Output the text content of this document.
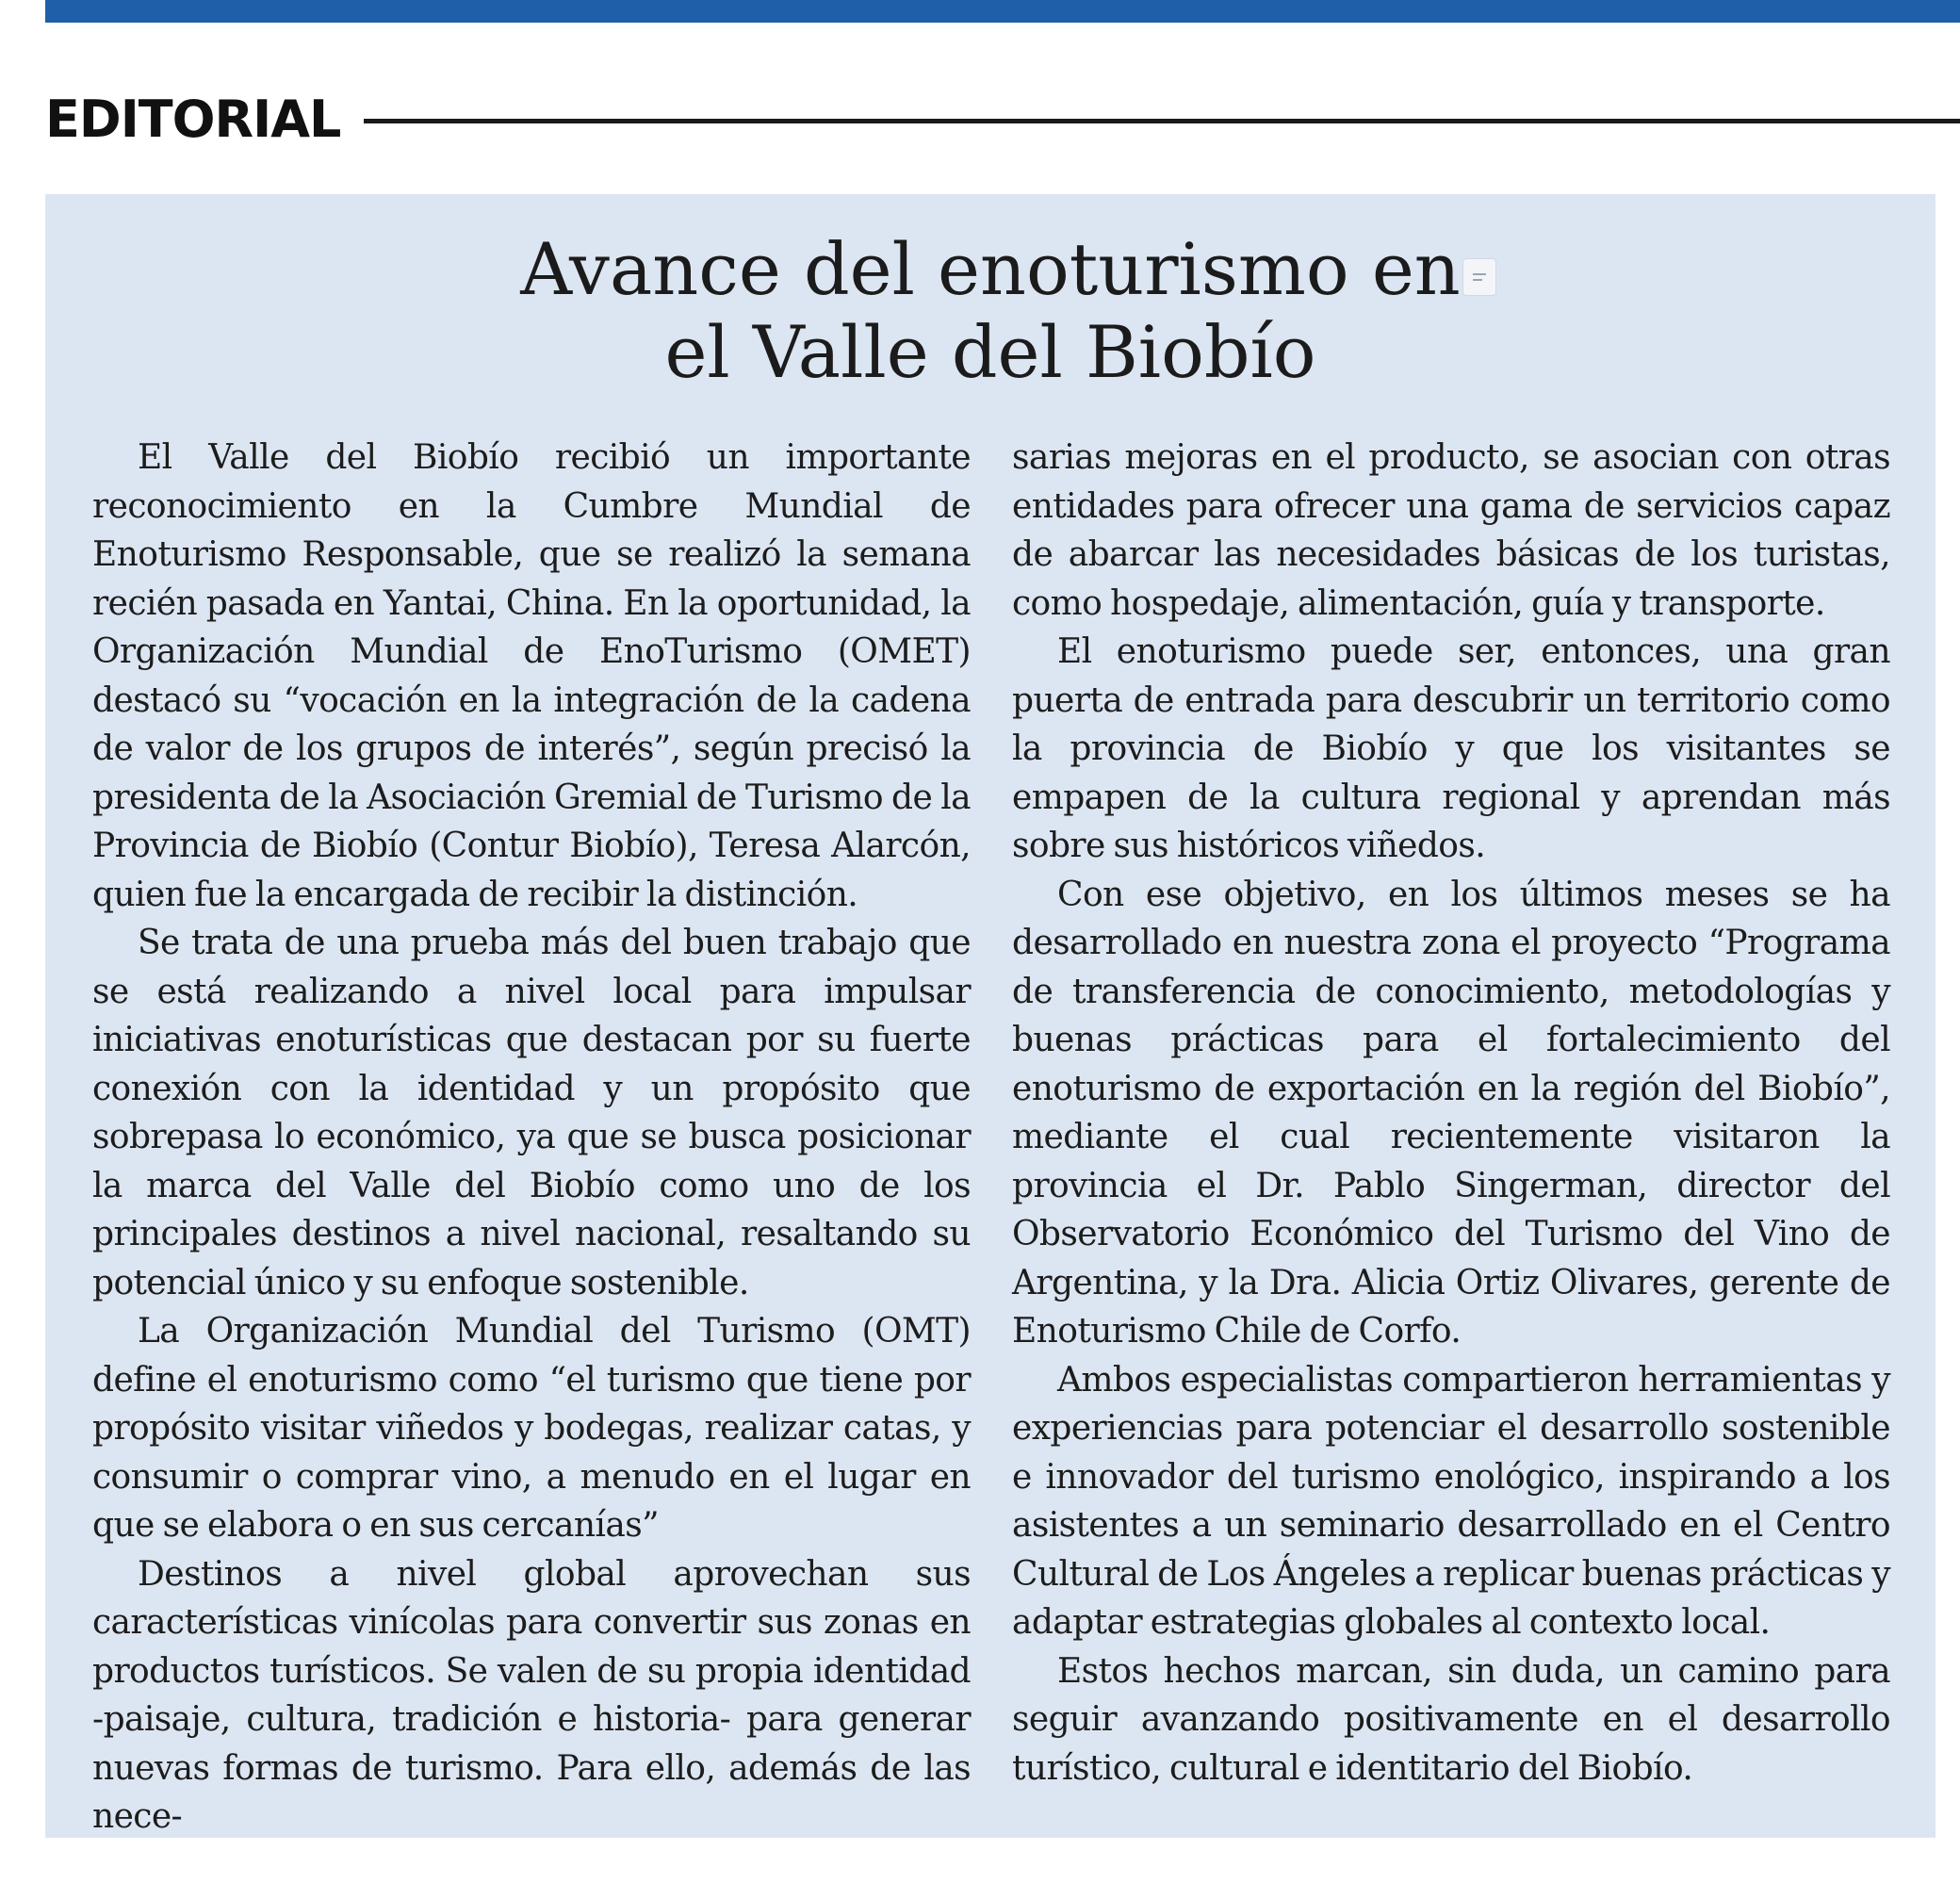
EDITORIAL
Avance del enoturismo en
el Valle del Biobío

El Valle del Biobío recibió un importante reconocimiento en la Cumbre Mundial de Enoturismo Responsable, que se realizó la semana recién pasada en Yantai, China. En la oportunidad, la Organización Mundial de EnoTurismo (OMET) destacó su “vocación en la integración de la cadena de valor de los grupos de interés”, según precisó la presidenta de la Asociación Gremial de Turismo de la Provincia de Biobío (Contur Biobío), Teresa Alarcón, quien fue la encargada de recibir la distinción.

Se trata de una prueba más del buen trabajo que se está realizando a nivel local para impulsar iniciativas enoturísticas que destacan por su fuerte conexión con la identidad y un propósito que sobrepasa lo económico, ya que se busca posicionar la marca del Valle del Biobío como uno de los principales destinos a nivel nacional, resaltando su potencial único y su enfoque sostenible.

La Organización Mundial del Turismo (OMT) define el enoturismo como “el turismo que tiene por propósito visitar viñedos y bodegas, realizar catas, y consumir o comprar vino, a menudo en el lugar en que se elabora o en sus cercanías”

Destinos a nivel global aprovechan sus características vinícolas para convertir sus zonas en productos turísticos. Se valen de su propia identidad -paisaje, cultura, tradición e historia- para generar nuevas formas de turismo. Para ello, además de las nece-

sarias mejoras en el producto, se asocian con otras entidades para ofrecer una gama de servicios capaz de abarcar las necesidades básicas de los turistas, como hospedaje, alimentación, guía y transporte.

El enoturismo puede ser, entonces, una gran puerta de entrada para descubrir un territorio como la provincia de Biobío y que los visitantes se empapen de la cultura regional y aprendan más sobre sus históricos viñedos.

Con ese objetivo, en los últimos meses se ha desarrollado en nuestra zona el proyecto “Programa de transferencia de conocimiento, metodologías y buenas prácticas para el fortalecimiento del enoturismo de exportación en la región del Biobío”, mediante el cual recientemente visitaron la provincia el Dr. Pablo Singerman, director del Observatorio Económico del Turismo del Vino de Argentina, y la Dra. Alicia Ortiz Olivares, gerente de Enoturismo Chile de Corfo.

Ambos especialistas compartieron herramientas y experiencias para potenciar el desarrollo sostenible e innovador del turismo enológico, inspirando a los asistentes a un seminario desarrollado en el Centro Cultural de Los Ángeles a replicar buenas prácticas y adaptar estrategias globales al contexto local.

Estos hechos marcan, sin duda, un camino para seguir avanzando positivamente en el desarrollo turístico, cultural e identitario del Biobío.
